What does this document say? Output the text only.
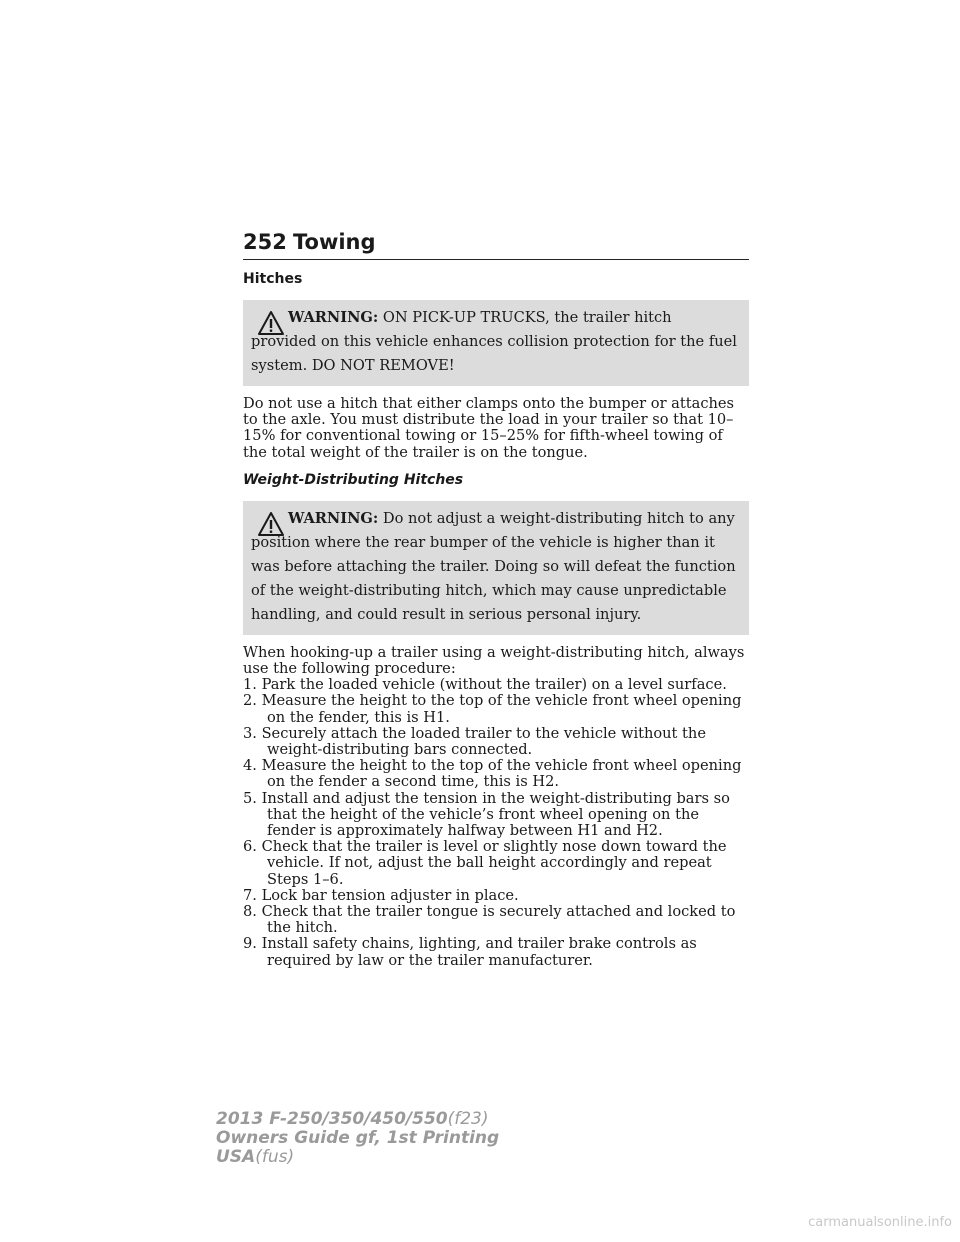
252 Towing
Hitches
WARNING: ON PICK-UP TRUCKS, the trailer hitch provided on this vehicle enhances collision protection for the fuel system. DO NOT REMOVE!

Do not use a hitch that either clamps onto the bumper or attaches to the axle. You must distribute the load in your trailer so that 10–15% for conventional towing or 15–25% for fifth-wheel towing of the total weight of the trailer is on the tongue.

Weight-Distributing Hitches
WARNING: Do not adjust a weight-distributing hitch to any position where the rear bumper of the vehicle is higher than it was before attaching the trailer. Doing so will defeat the function of the weight-distributing hitch, which may cause unpredictable handling, and could result in serious personal injury.

When hooking-up a trailer using a weight-distributing hitch, always use the following procedure:

1. Park the loaded vehicle (without the trailer) on a level surface.
2. Measure the height to the top of the vehicle front wheel opening on the fender, this is H1.
3. Securely attach the loaded trailer to the vehicle without the weight-distributing bars connected.
4. Measure the height to the top of the vehicle front wheel opening on the fender a second time, this is H2.
5. Install and adjust the tension in the weight-distributing bars so that the height of the vehicle’s front wheel opening on the fender is approximately halfway between H1 and H2.
6. Check that the trailer is level or slightly nose down toward the vehicle. If not, adjust the ball height accordingly and repeat Steps 1–6.
7. Lock bar tension adjuster in place.
8. Check that the trailer tongue is securely attached and locked to the hitch.
9. Install safety chains, lighting, and trailer brake controls as required by law or the trailer manufacturer.
2013 F-250/350/450/550(f23)
Owners Guide gf, 1st Printing
USA(fus)
carmanualsonline.info
